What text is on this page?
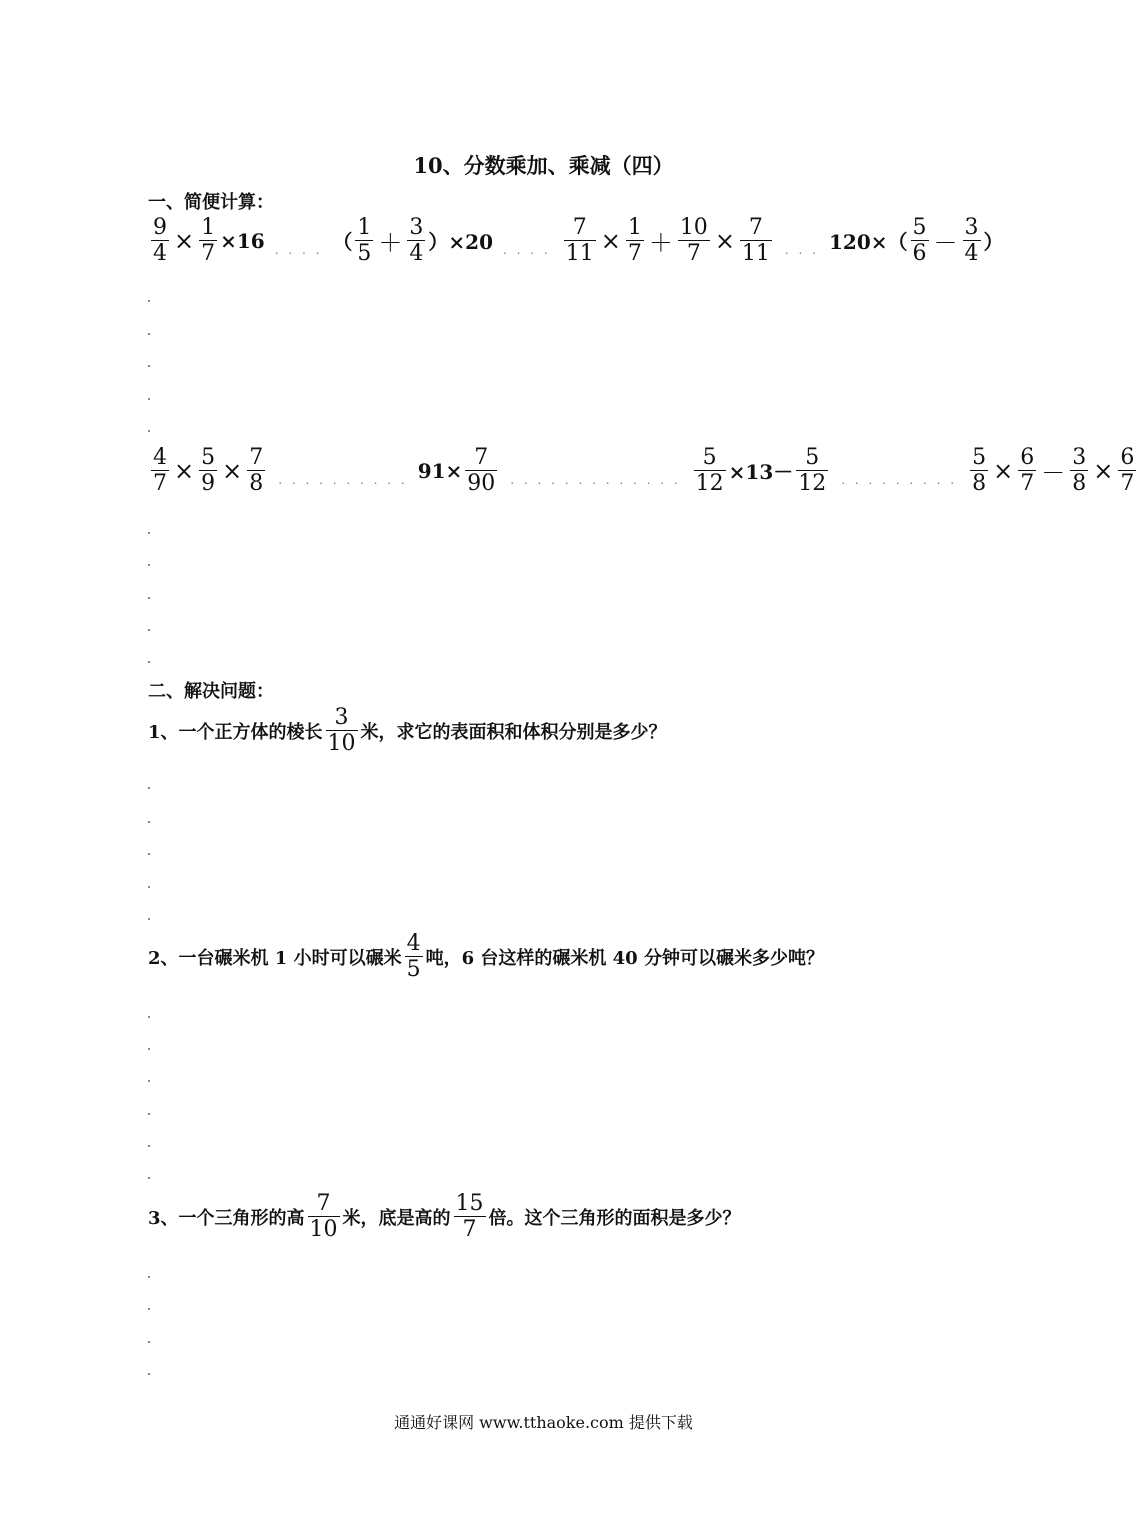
10、分数乘加、乘减（四）
一、简便计算：
$\frac{9}{4} \times \frac{1}{7} \times 16$ . . . . （ $\frac{1}{5} + \frac{3}{4} )\times 20$ . . . . $\frac{7}{11} \times \frac{1}{7} + \frac{10}{7} \times \frac{7}{11}$ . . . $120\times( \frac{5}{6} - \frac{3}{4}$ ）
$\frac{4}{7} \times \frac{5}{9} \times \frac{7}{8}$ . . . . . . . . . . $91\times \frac{7}{90}$ . . . . . . . . . . . . . $\frac{5}{12} \times 13- \frac{5}{12}$ . . . . . . . . . $\frac{5}{8} \times \frac{6}{7} - \frac{3}{8} \times \frac{6}{7}$
二、解决问题：
1、一个正方体的棱长 $\frac{3}{10}$ 米，求它的表面积和体积分别是多少？
2、一台碾米机 1 小时可以碾米 $\frac{4}{5}$ 吨，6 台这样的碾米机 40 分钟可以碾米多少吨？
3、一个三角形的高 $\frac{7}{10}$ 米，底是高的 $\frac{15}{7}$ 倍。这个三角形的面积是多少？
通通好课网 www.tthaoke.com 提供下载
